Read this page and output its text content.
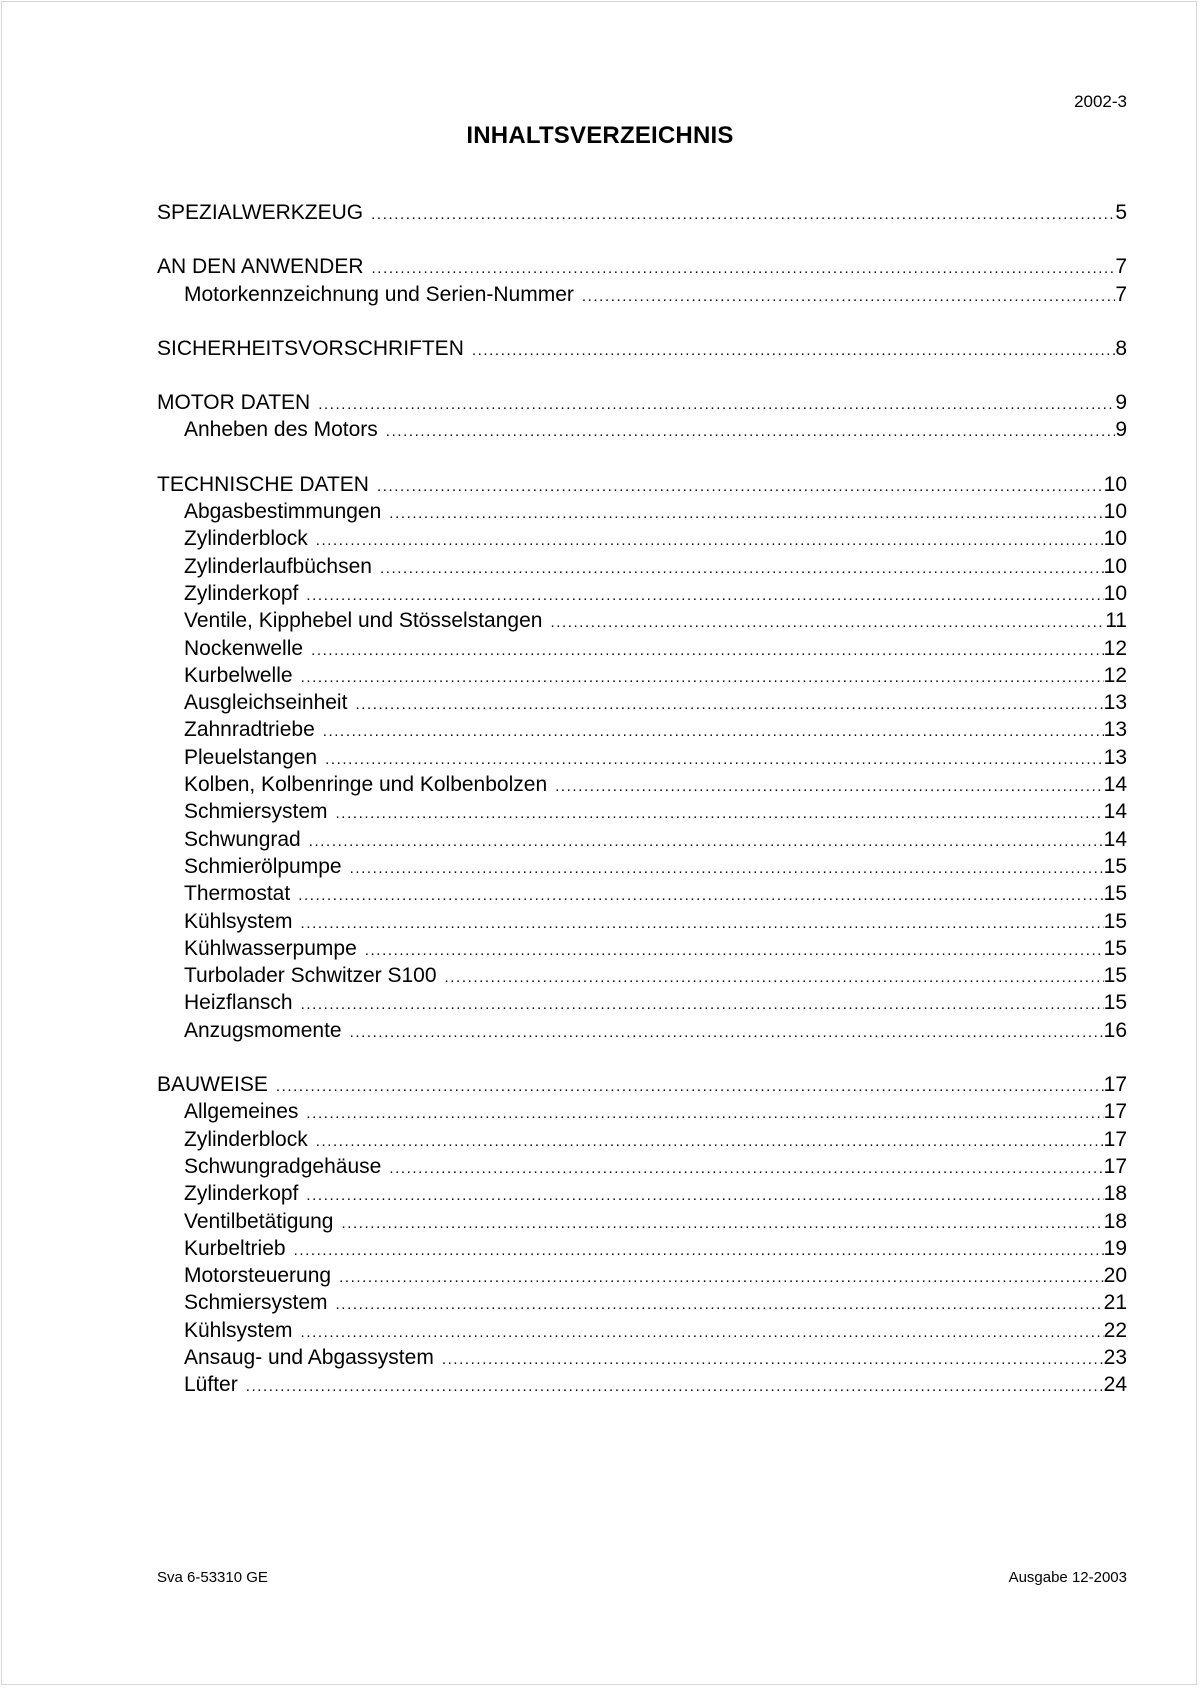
2002-3
INHALTSVERZEICHNIS
SPEZIALWERKZEUG .....	5
AN DEN ANWENDER .....	7
Motorkennzeichnung und Serien-Nummer .....	7
SICHERHEITSVORSCHRIFTEN .....	8
MOTOR DATEN .....	9
Anheben des Motors .....	9
TECHNISCHE DATEN .....	10
Abgasbestimmungen .....	10
Zylinderblock .....	10
Zylinderlaufbüchsen .....	10
Zylinderkopf .....	10
Ventile, Kipphebel und Stösselstangen .....	11
Nockenwelle .....	12
Kurbelwelle .....	12
Ausgleichseinheit .....	13
Zahnradtriebe .....	13
Pleuelstangen .....	13
Kolben, Kolbenringe und Kolbenbolzen .....	14
Schmiersystem .....	14
Schwungrad .....	14
Schmierölpumpe .....	15
Thermostat .....	15
Kühlsystem .....	15
Kühlwasserpumpe .....	15
Turbolader Schwitzer S100 .....	15
Heizflansch .....	15
Anzugsmomente .....	16
BAUWEISE .....	17
Allgemeines .....	17
Zylinderblock .....	17
Schwungradgehäuse .....	17
Zylinderkopf .....	18
Ventilbetätigung .....	18
Kurbeltrieb .....	19
Motorsteuerung .....	20
Schmiersystem .....	21
Kühlsystem .....	22
Ansaug- und Abgassystem .....	23
Lüfter .....	24
Sva 6-53310 GE	Ausgabe 12-2003
